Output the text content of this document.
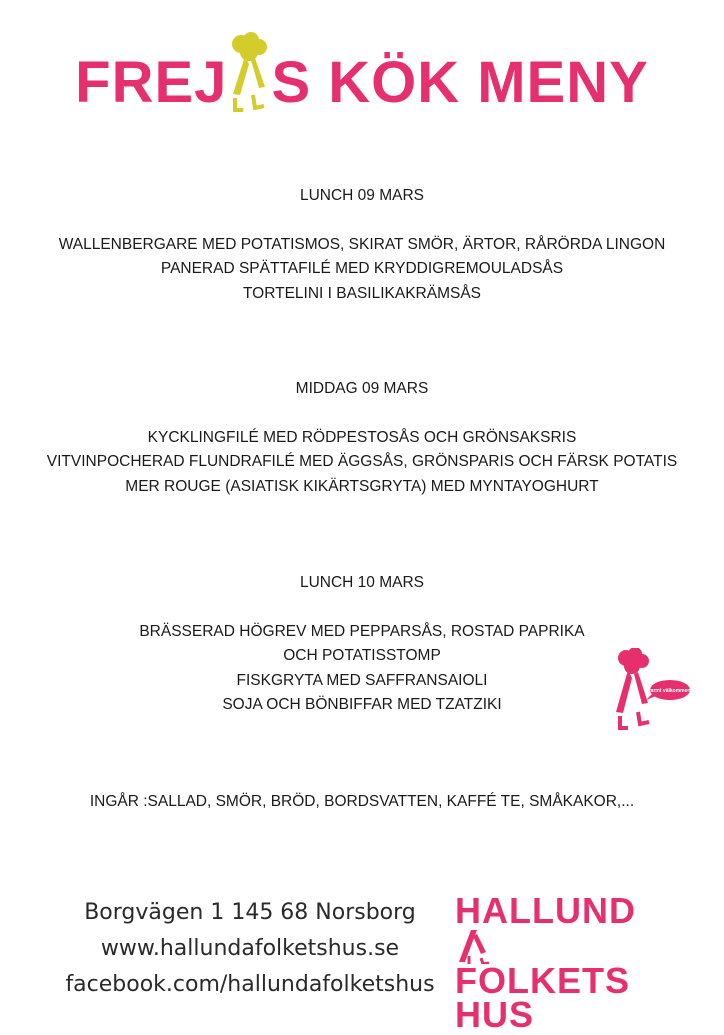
FREJ S KÖK MENY
LUNCH 09 MARS
WALLENBERGARE MED POTATISMOS, SKIRAT SMÖR, ÄRTOR, RÅRÖRDA LINGON
PANERAD SPÄTTAFILÉ MED KRYDDIGREMOULADSÅS
TORTELINI I BASILIKAKRÄMSÅS
MIDDAG 09 MARS
KYCKLINGFILÉ MED RÖDPESTOSÅS OCH GRÖNSAKSRIS
VITVINPOCHERAD FLUNDRAFILÉ MED ÄGGSÅS, GRÖNSPARIS OCH FÄRSK POTATIS
MER ROUGE (ASIATISK KIKÄRTSGRYTA) MED MYNTAYOGHURT
LUNCH 10 MARS
BRÄSSERAD HÖGREV MED PEPPARSÅS, ROSTAD PAPRIKA
OCH POTATISSTOMP
FISKGRYTA MED SAFFRANSAIOLI
SOJA OCH BÖNBIFFAR MED TZATZIKI
INGÅR :SALLAD, SMÖR, BRÖD, BORDSVATTEN, KAFFÉ TE, SMÅKAKOR,...
varmt välkommen!
Borgvägen 1 145 68 Norsborg
www.hallundafolketshus.se
facebook.com/hallundafolketshus
HALLUND
FOLKETS
HUS
